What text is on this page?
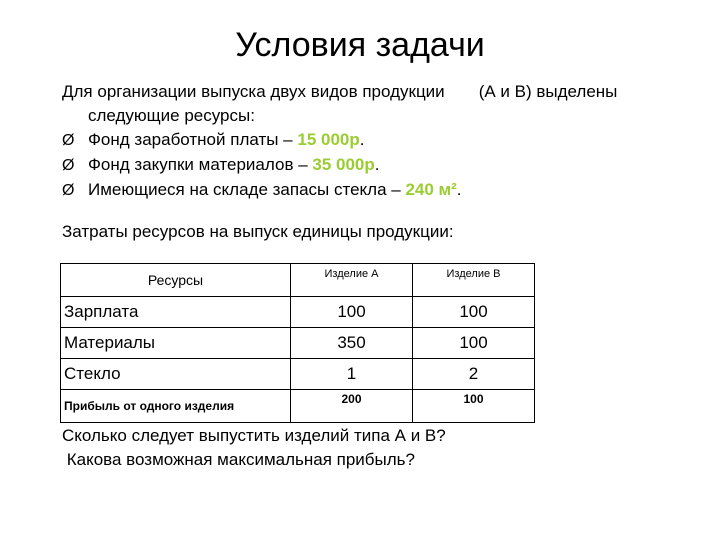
Условия задачи
Для организации выпуска двух видов продукции (А и В) выделены
следующие ресурсы:
Ø Фонд заработной платы – 15 000р.
Ø Фонд закупки материалов – 35 000р.
Ø Имеющиеся на складе запасы стекла – 240 м².
Затраты ресурсов на выпуск единицы продукции:
Ресурсы	Изделие А	Изделие В
Зарплата	100	100
Материалы	350	100
Стекло	1	2
Прибыль от одного изделия	200	100
Сколько следует выпустить изделий типа А и В?
Какова возможная максимальная прибыль?
